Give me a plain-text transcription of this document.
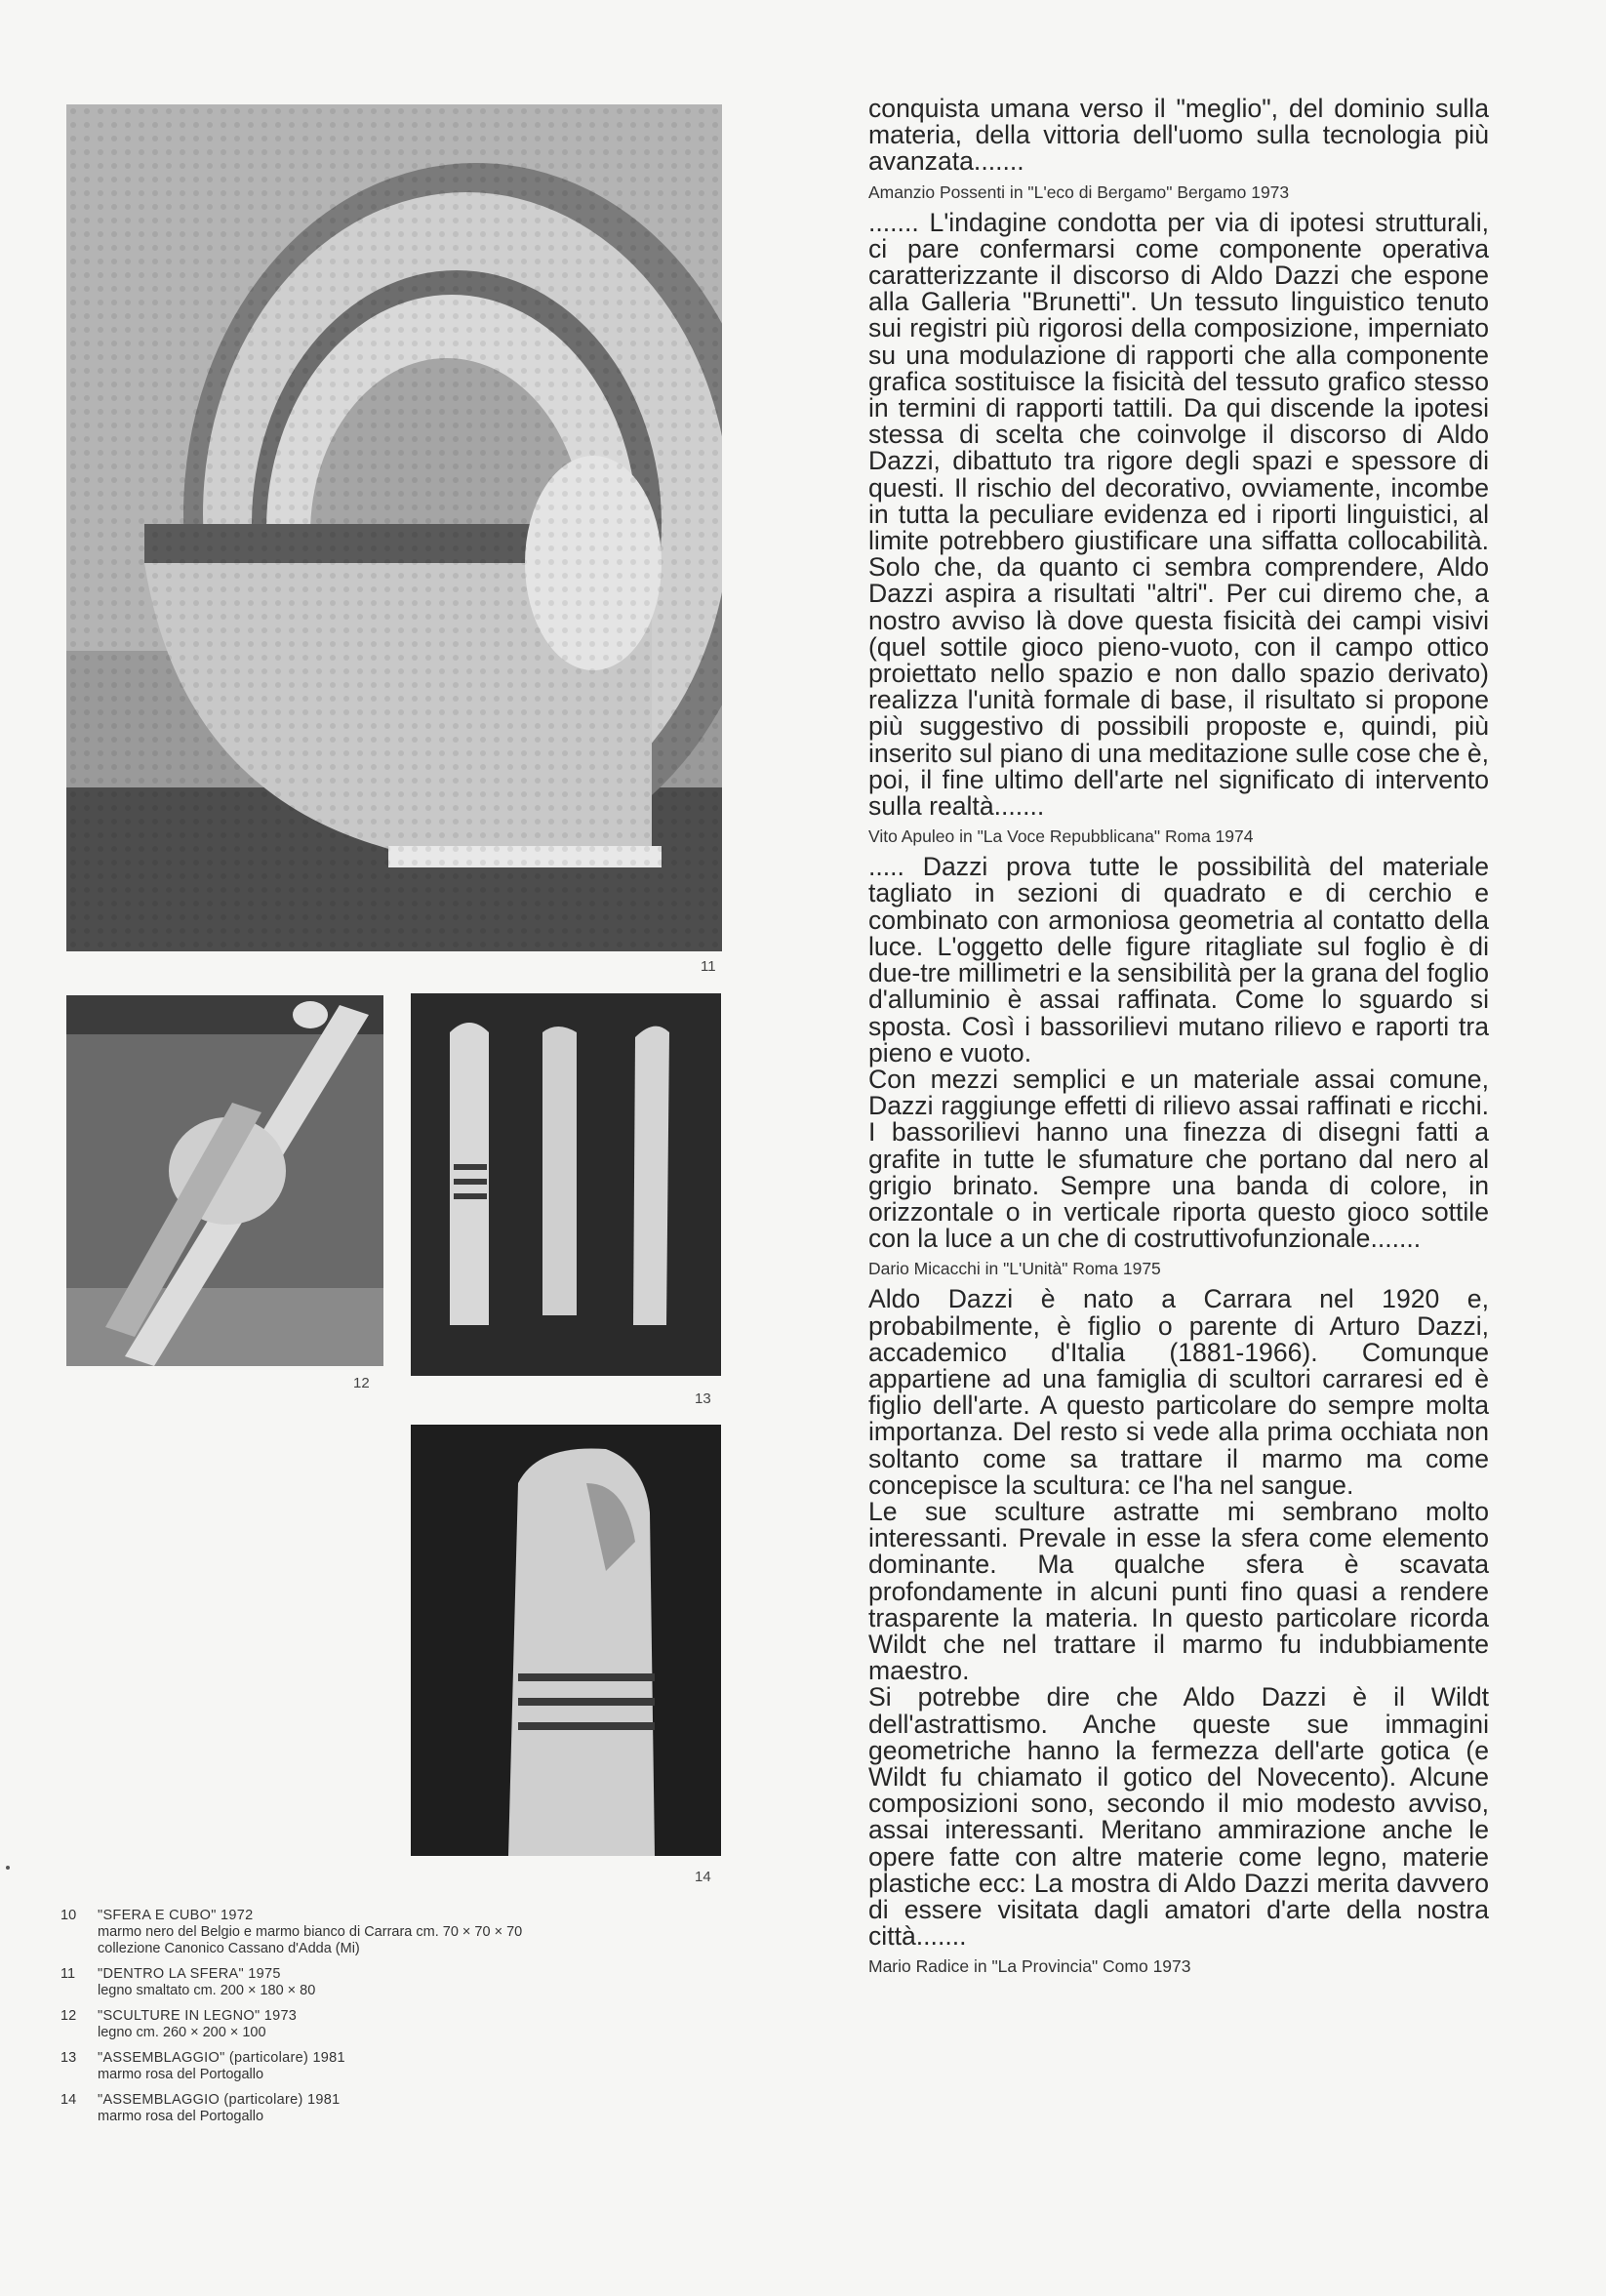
11
12
13
14
10 "SFERA E CUBO" 1972
marmo nero del Belgio e marmo bianco di Carrara cm. 70 × 70 × 70
collezione Canonico Cassano d'Adda (Mi)
11 "DENTRO LA SFERA" 1975
legno smaltato cm. 200 × 180 × 80
12 "SCULTURE IN LEGNO" 1973
legno cm. 260 × 200 × 100
13 "ASSEMBLAGGIO" (particolare) 1981
marmo rosa del Portogallo
14 "ASSEMBLAGGIO (particolare) 1981
marmo rosa del Portogallo

conquista umana verso il "meglio", del dominio sulla materia, della vittoria dell'uomo sulla tecnologia più avanzata.......

Amanzio Possenti in "L'eco di Bergamo" Bergamo 1973

....... L'indagine condotta per via di ipotesi strutturali, ci pare confermarsi come componente operativa caratterizzante il discorso di Aldo Dazzi che espone alla Galleria "Brunetti". Un tessuto linguistico tenuto sui registri più rigorosi della composizione, imperniato su una modulazione di rapporti che alla componente grafica sostituisce la fisicità del tessuto grafico stesso in termini di rapporti tattili. Da qui discende la ipotesi stessa di scelta che coinvolge il discorso di Aldo Dazzi, dibattuto tra rigore degli spazi e spessore di questi. Il rischio del decorativo, ovviamente, incombe in tutta la peculiare evidenza ed i riporti linguistici, al limite potrebbero giustificare una siffatta collocabilità. Solo che, da quanto ci sembra comprendere, Aldo Dazzi aspira a risultati "altri". Per cui diremo che, a nostro avviso là dove questa fisicità dei campi visivi (quel sottile gioco pieno-vuoto, con il campo ottico proiettato nello spazio e non dallo spazio derivato) realizza l'unità formale di base, il risultato si propone più suggestivo di possibili proposte e, quindi, più inserito sul piano di una meditazione sulle cose che è, poi, il fine ultimo dell'arte nel significato di intervento sulla realtà.......

Vito Apuleo in "La Voce Repubblicana" Roma 1974

..... Dazzi prova tutte le possibilità del materiale tagliato in sezioni di quadrato e di cerchio e combinato con armoniosa geometria al contatto della luce. L'oggetto delle figure ritagliate sul foglio è di due-tre millimetri e la sensibilità per la grana del foglio d'alluminio è assai raffinata. Come lo sguardo si sposta. Così i bassorilievi mutano rilievo e raporti tra pieno e vuoto.

Con mezzi semplici e un materiale assai comune, Dazzi raggiunge effetti di rilievo assai raffinati e ricchi. I bassorilievi hanno una finezza di disegni fatti a grafite in tutte le sfumature che portano dal nero al grigio brinato. Sempre una banda di colore, in orizzontale o in verticale riporta questo gioco sottile con la luce a un che di costruttivofunzionale.......

Dario Micacchi in "L'Unità" Roma 1975

Aldo Dazzi è nato a Carrara nel 1920 e, probabilmente, è figlio o parente di Arturo Dazzi, accademico d'Italia (1881-1966). Comunque appartiene ad una famiglia di scultori carraresi ed è figlio dell'arte. A questo particolare do sempre molta importanza. Del resto si vede alla prima occhiata non soltanto come sa trattare il marmo ma come concepisce la scultura: ce l'ha nel sangue.

Le sue sculture astratte mi sembrano molto interessanti. Prevale in esse la sfera come elemento dominante. Ma qualche sfera è scavata profondamente in alcuni punti fino quasi a rendere trasparente la materia. In questo particolare ricorda Wildt che nel trattare il marmo fu indubbiamente maestro.

Si potrebbe dire che Aldo Dazzi è il Wildt dell'astrattismo. Anche queste sue immagini geometriche hanno la fermezza dell'arte gotica (e Wildt fu chiamato il gotico del Novecento). Alcune composizioni sono, secondo il mio modesto avviso, assai interessanti. Meritano ammirazione anche le opere fatte con altre materie come legno, materie plastiche ecc: La mostra di Aldo Dazzi merita davvero di essere visitata dagli amatori d'arte della nostra città.......

Mario Radice in "La Provincia" Como 1973
